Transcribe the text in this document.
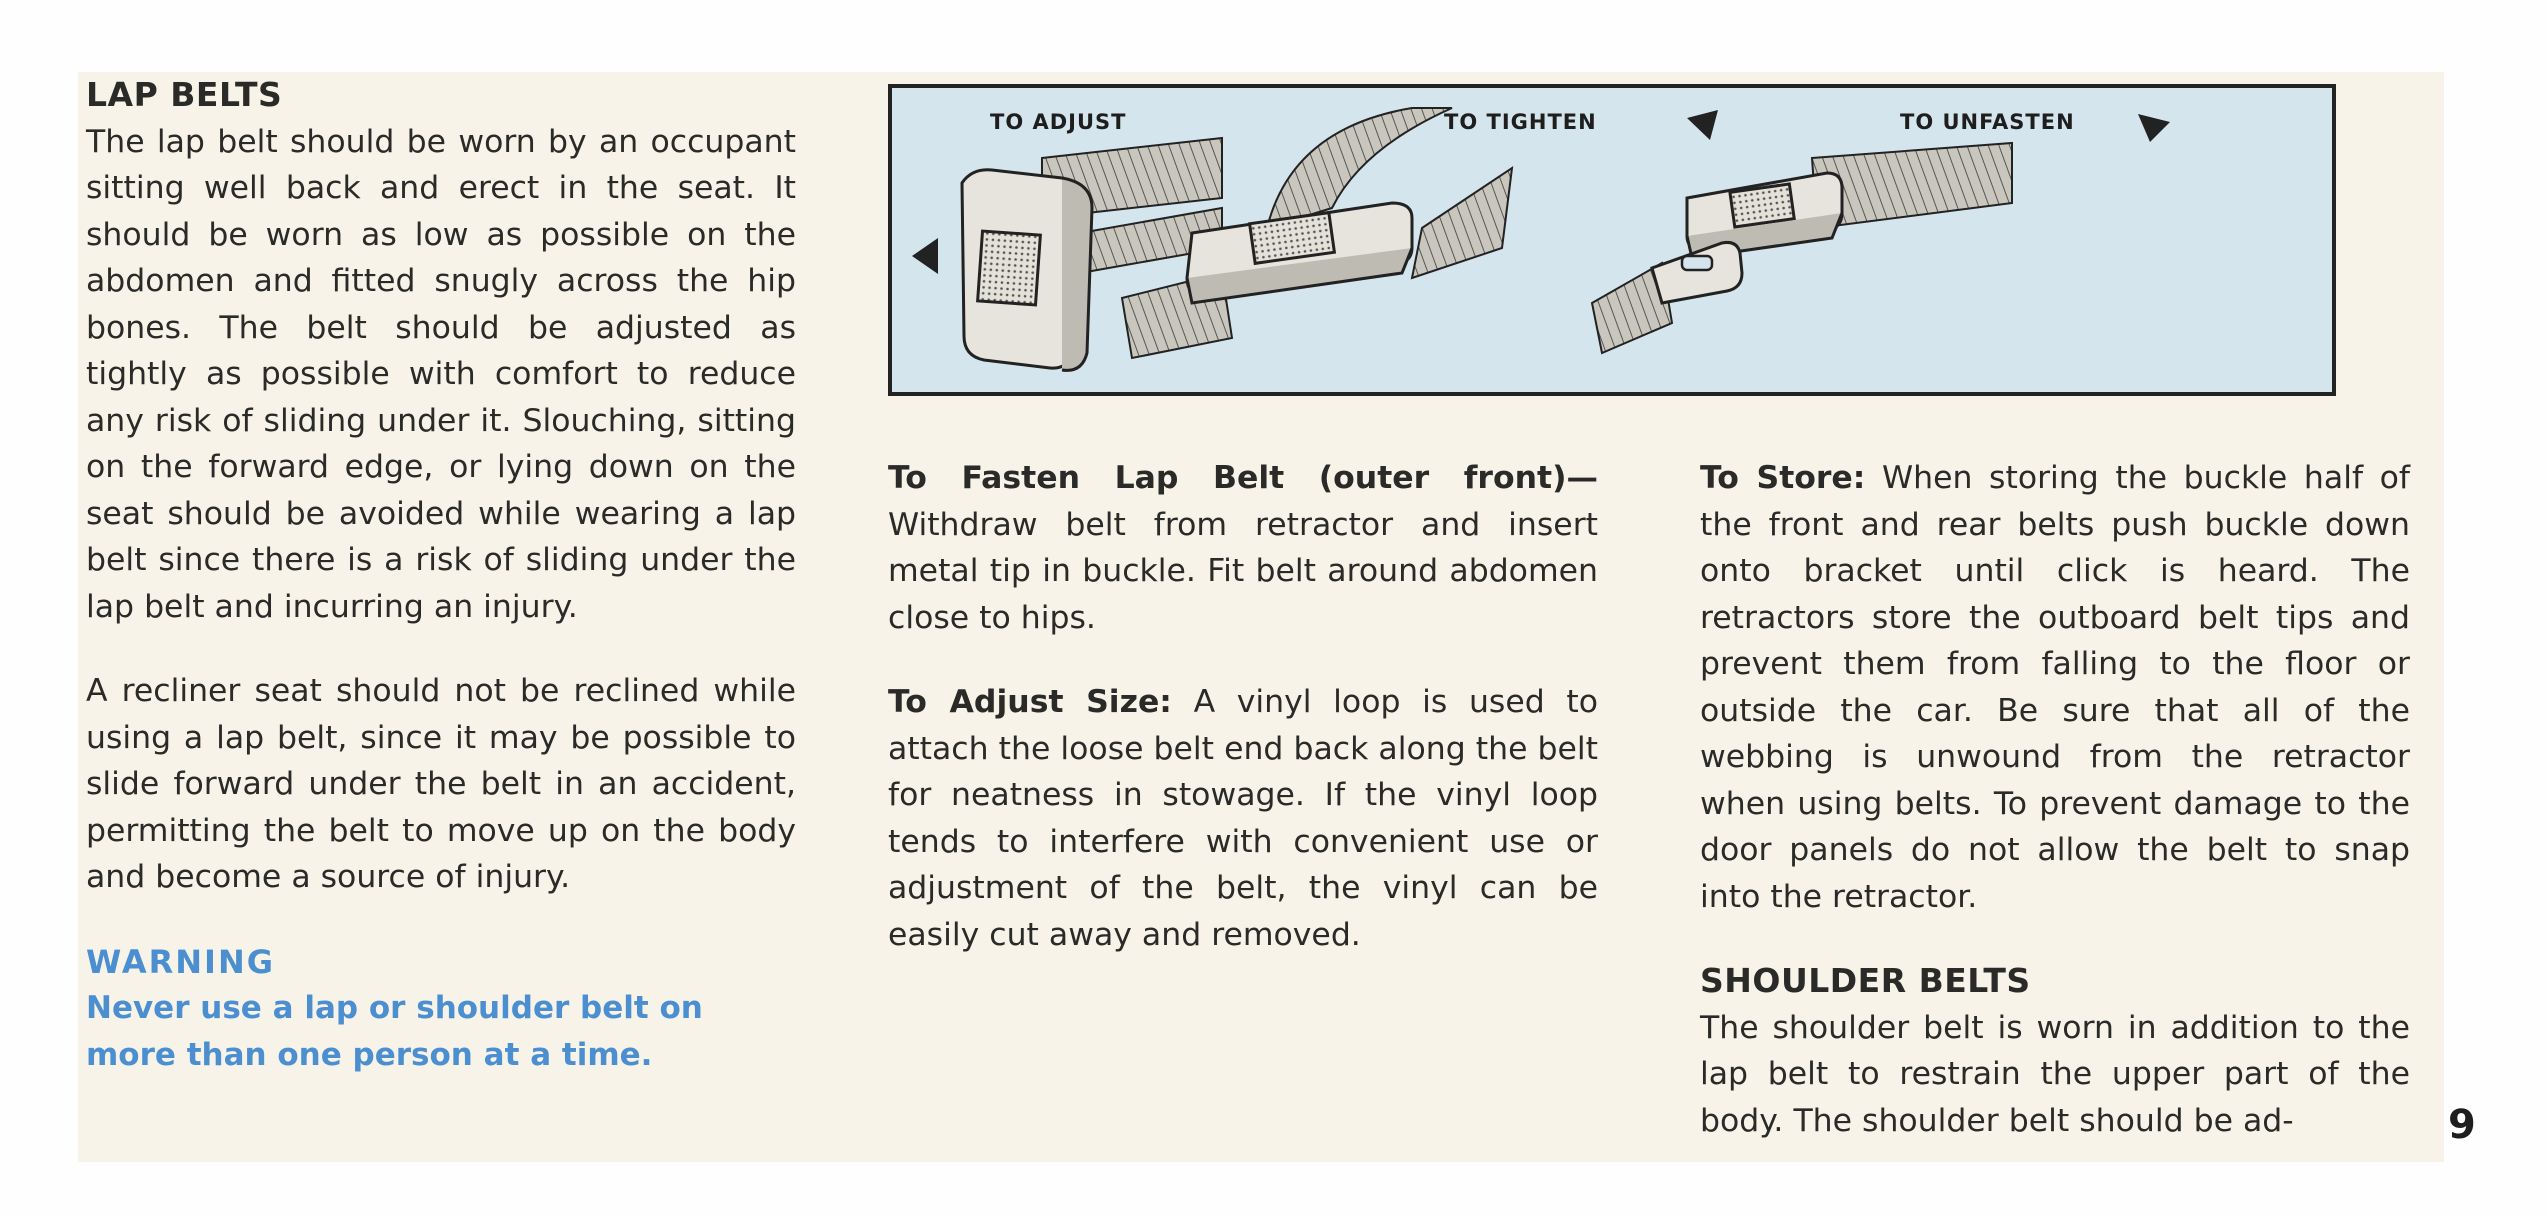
LAP BELTS

The lap belt should be worn by an occupant sitting well back and erect in the seat. It should be worn as low as possible on the abdomen and fitted snugly across the hip bones. The belt should be adjusted as tightly as possible with comfort to reduce any risk of sliding under it. Slouching, sitting on the forward edge, or lying down on the seat should be avoided while wearing a lap belt since there is a risk of sliding under the lap belt and incurring an injury.

A recliner seat should not be reclined while using a lap belt, since it may be possible to slide forward under the belt in an accident, permitting the belt to move up on the body and become a source of injury.

WARNING

Never use a lap or shoulder belt on more than one person at a time.

TO ADJUST	TO TIGHTEN	TO UNFASTEN

To Fasten Lap Belt (outer front)— Withdraw belt from retractor and insert metal tip in buckle. Fit belt around abdomen close to hips.

To Adjust Size: A vinyl loop is used to attach the loose belt end back along the belt for neatness in stowage. If the vinyl loop tends to interfere with convenient use or adjustment of the belt, the vinyl can be easily cut away and removed.

To Store: When storing the buckle half of the front and rear belts push buckle down onto bracket until click is heard. The retractors store the outboard belt tips and prevent them from falling to the floor or outside the car. Be sure that all of the webbing is unwound from the retractor when using belts. To prevent damage to the door panels do not allow the belt to snap into the retractor.

SHOULDER BELTS

The shoulder belt is worn in addition to the lap belt to restrain the upper part of the body. The shoulder belt should be ad-	9
